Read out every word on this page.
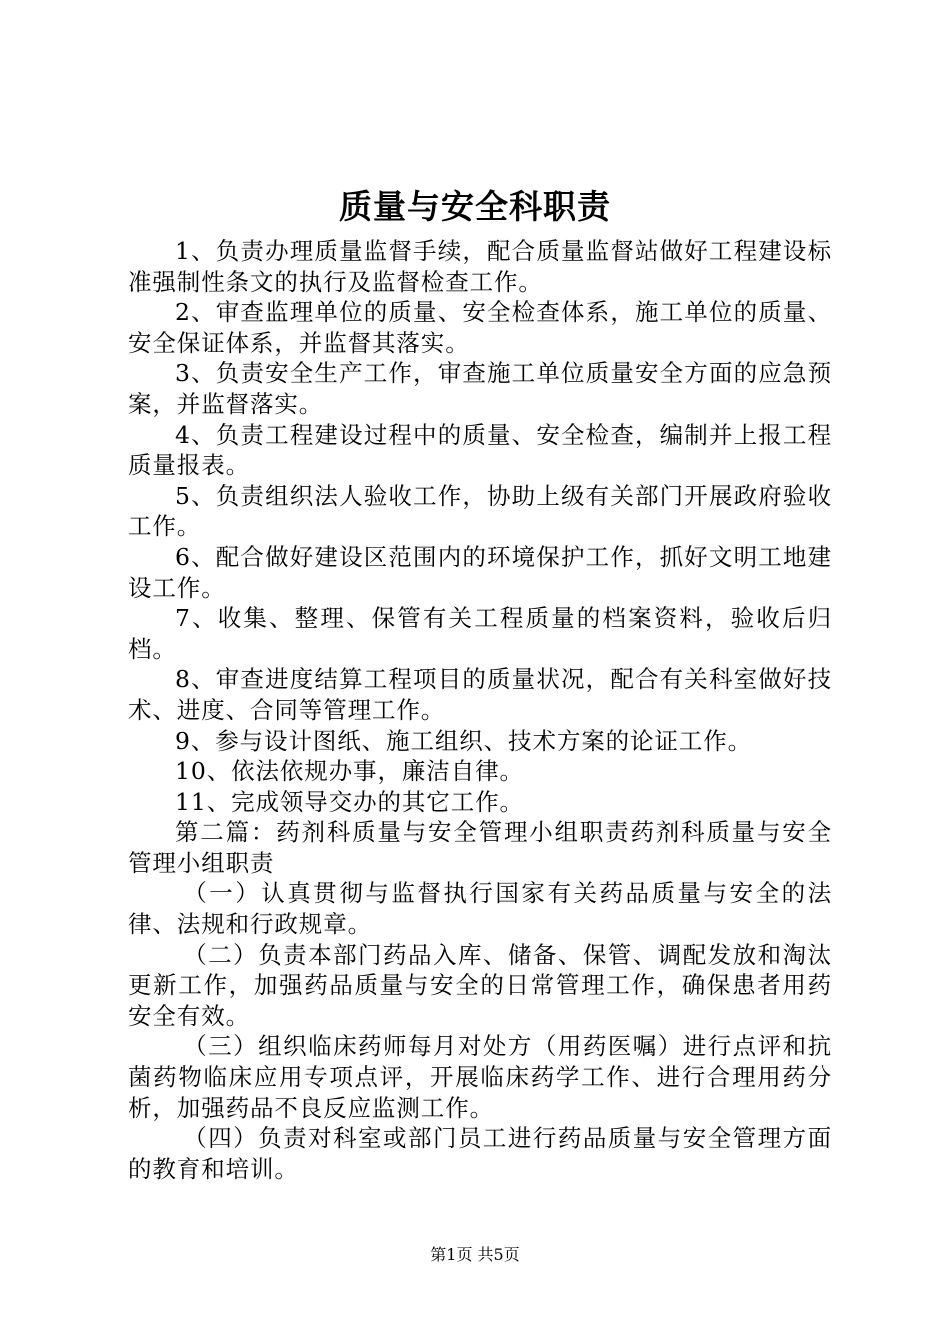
质量与安全科职责

1、负责办理质量监督手续，配合质量监督站做好工程建设标准强制性条文的执行及监督检查工作。

2、审查监理单位的质量、安全检查体系，施工单位的质量、安全保证体系，并监督其落实。

3、负责安全生产工作，审查施工单位质量安全方面的应急预案，并监督落实。

4、负责工程建设过程中的质量、安全检查，编制并上报工程质量报表。

5、负责组织法人验收工作，协助上级有关部门开展政府验收工作。

6、配合做好建设区范围内的环境保护工作，抓好文明工地建设工作。

7、收集、整理、保管有关工程质量的档案资料，验收后归档。

8、审查进度结算工程项目的质量状况，配合有关科室做好技术、进度、合同等管理工作。

9、参与设计图纸、施工组织、技术方案的论证工作。

10、依法依规办事，廉洁自律。

11、完成领导交办的其它工作。

第二篇：药剂科质量与安全管理小组职责药剂科质量与安全管理小组职责

（一）认真贯彻与监督执行国家有关药品质量与安全的法律、法规和行政规章。

（二）负责本部门药品入库、储备、保管、调配发放和淘汰更新工作，加强药品质量与安全的日常管理工作，确保患者用药安全有效。

（三）组织临床药师每月对处方（用药医嘱）进行点评和抗菌药物临床应用专项点评，开展临床药学工作、进行合理用药分析，加强药品不良反应监测工作。

（四）负责对科室或部门员工进行药品质量与安全管理方面的教育和培训。

第1页 共5页
